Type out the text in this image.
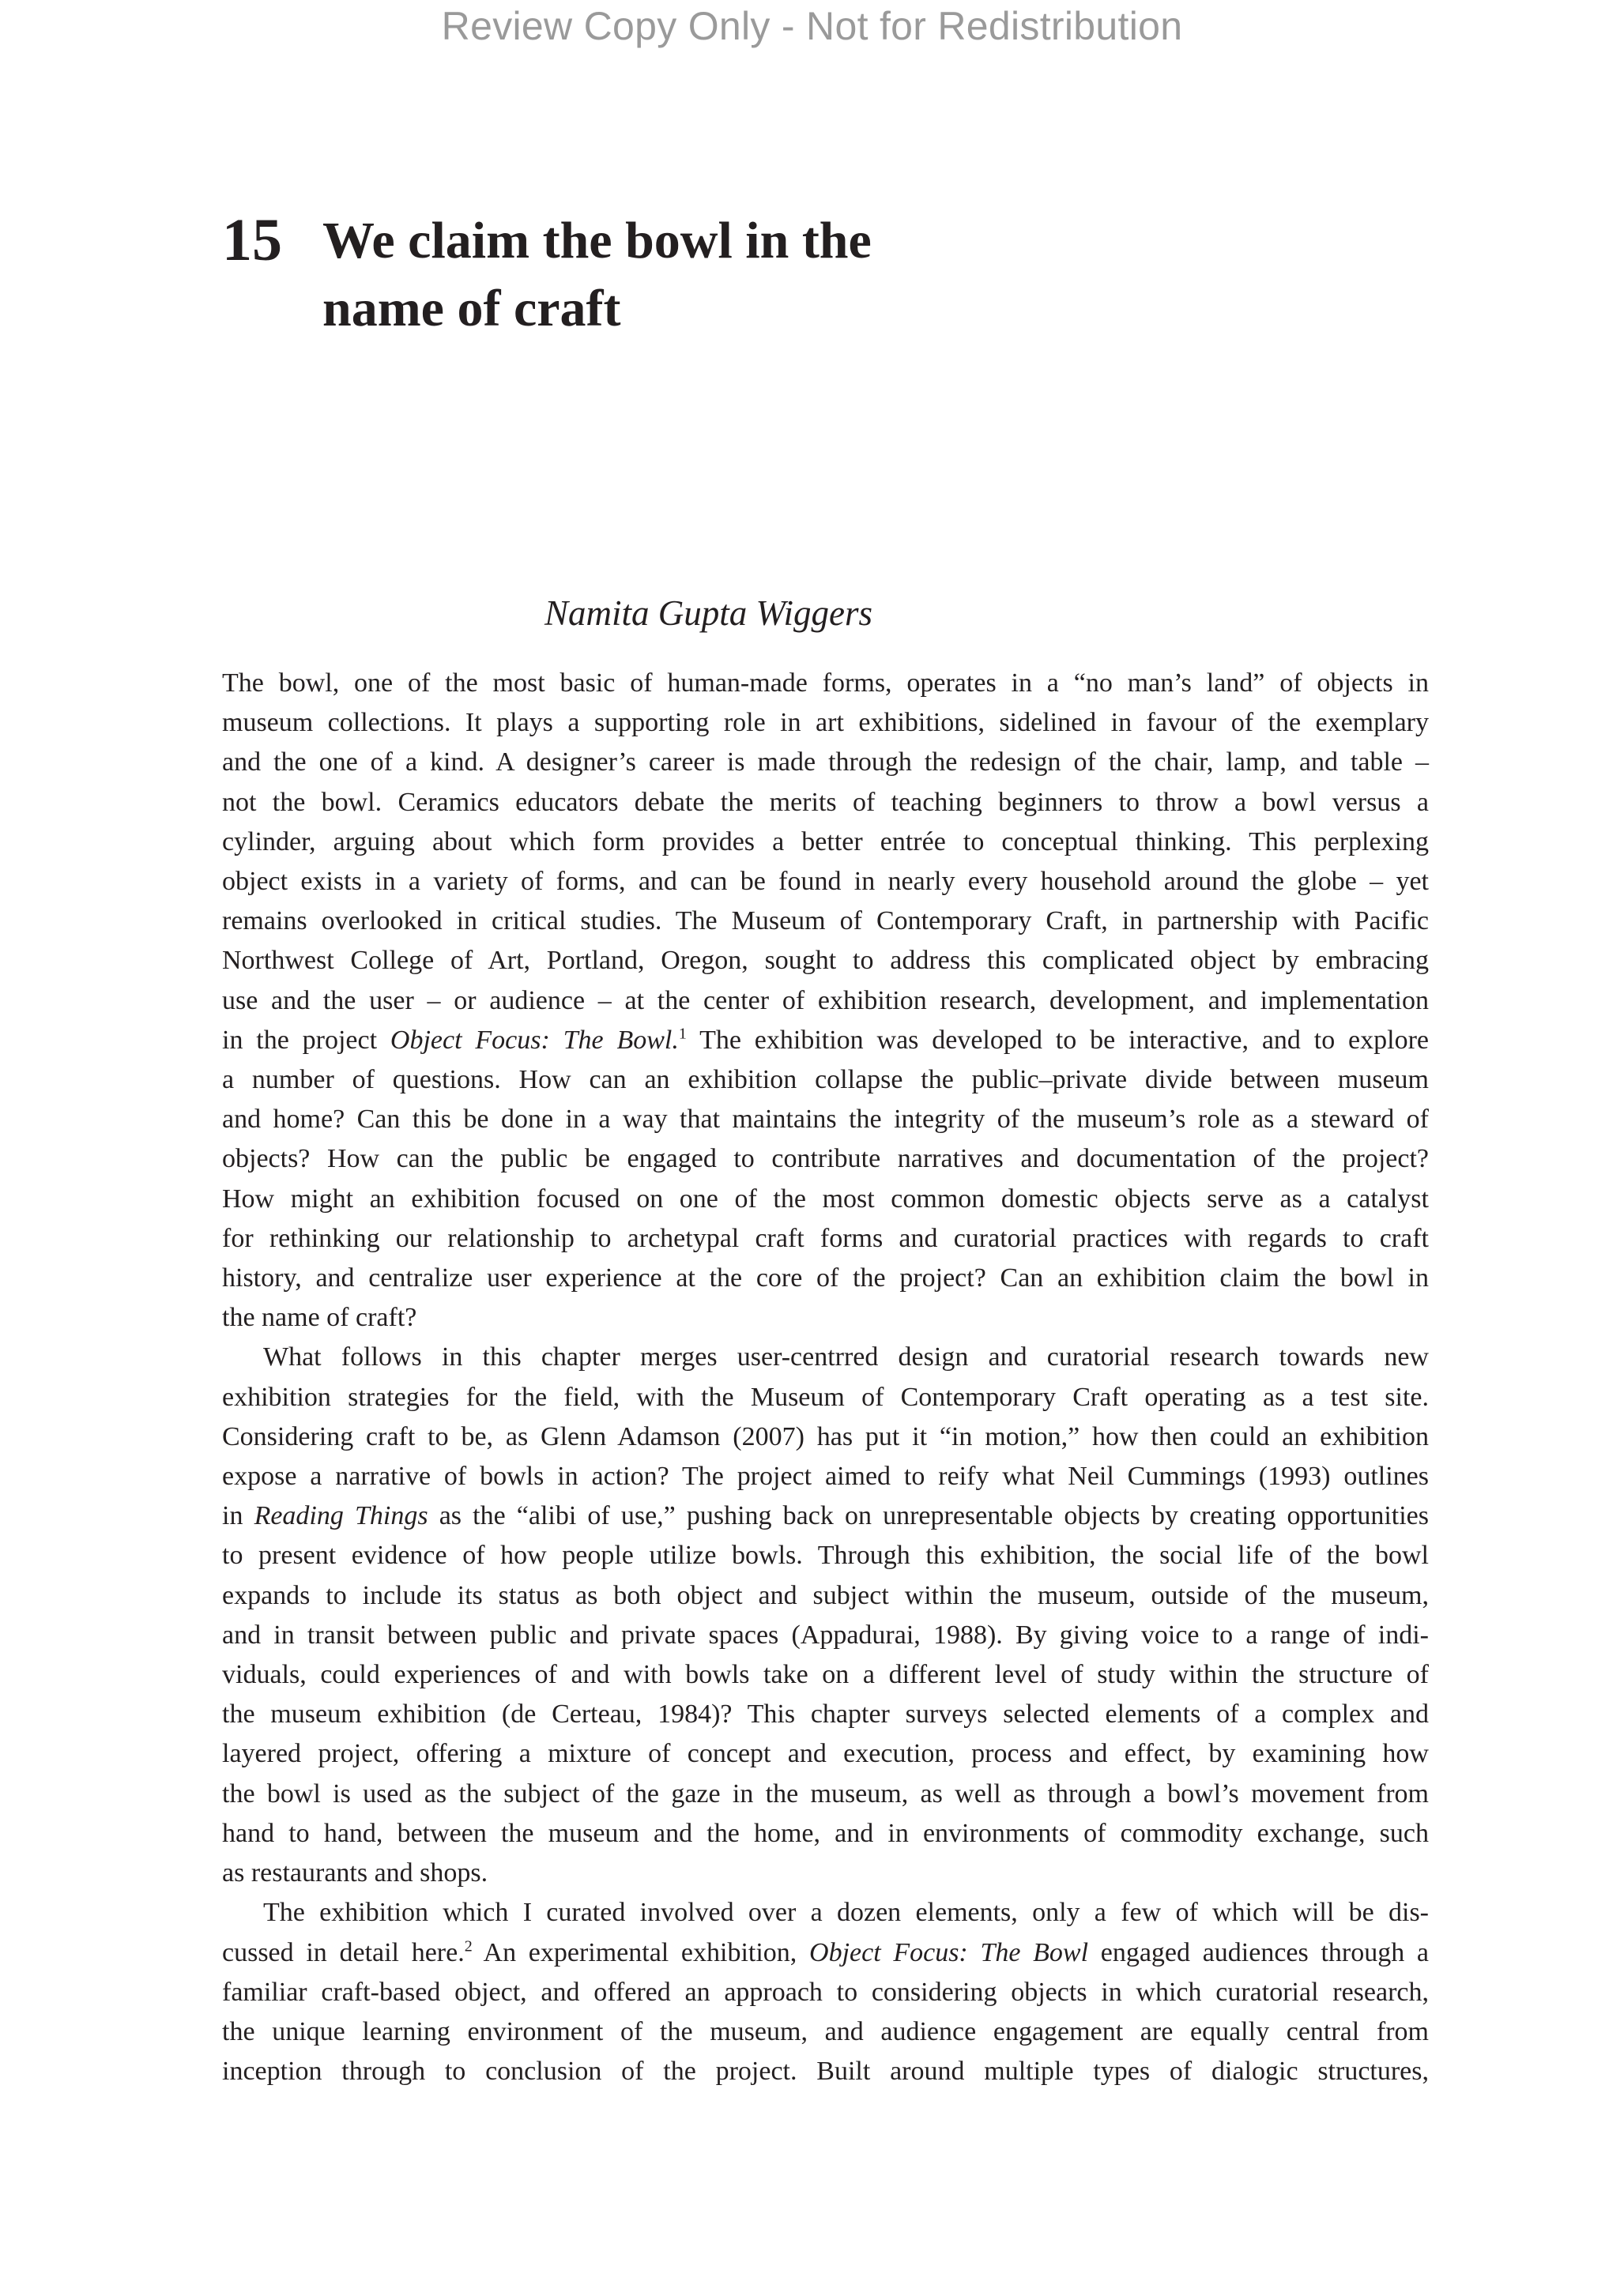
Review Copy Only - Not for Redistribution

15 We claim the bowl in the
name of craft

Namita Gupta Wiggers

The bowl, one of the most basic of human-made forms, operates in a “no man’s land” of objects in
museum collections. It plays a supporting role in art exhibitions, sidelined in favour of the exemplary
and the one of a kind. A designer’s career is made through the redesign of the chair, lamp, and table –
not the bowl. Ceramics educators debate the merits of teaching beginners to throw a bowl versus a
cylinder, arguing about which form provides a better entrée to conceptual thinking. This perplexing
object exists in a variety of forms, and can be found in nearly every household around the globe – yet
remains overlooked in critical studies. The Museum of Contemporary Craft, in partnership with Pacific
Northwest College of Art, Portland, Oregon, sought to address this complicated object by embracing
use and the user – or audience – at the center of exhibition research, development, and implementation
in the project Object Focus: The Bowl.$^1$ The exhibition was developed to be interactive, and to explore
a number of questions. How can an exhibition collapse the public–private divide between museum
and home? Can this be done in a way that maintains the integrity of the museum’s role as a steward of
objects? How can the public be engaged to contribute narratives and documentation of the project?
How might an exhibition focused on one of the most common domestic objects serve as a catalyst
for rethinking our relationship to archetypal craft forms and curatorial practices with regards to craft
history, and centralize user experience at the core of the project? Can an exhibition claim the bowl in
the name of craft?

What follows in this chapter merges user-centrred design and curatorial research towards new
exhibition strategies for the field, with the Museum of Contemporary Craft operating as a test site.
Considering craft to be, as Glenn Adamson (2007) has put it “in motion,” how then could an exhibition
expose a narrative of bowls in action? The project aimed to reify what Neil Cummings (1993) outlines
in Reading Things as the “alibi of use,” pushing back on unrepresentable objects by creating opportunities
to present evidence of how people utilize bowls. Through this exhibition, the social life of the bowl
expands to include its status as both object and subject within the museum, outside of the museum,
and in transit between public and private spaces (Appadurai, 1988). By giving voice to a range of indi-
viduals, could experiences of and with bowls take on a different level of study within the structure of
the museum exhibition (de Certeau, 1984)? This chapter surveys selected elements of a complex and
layered project, offering a mixture of concept and execution, process and effect, by examining how
the bowl is used as the subject of the gaze in the museum, as well as through a bowl’s movement from
hand to hand, between the museum and the home, and in environments of commodity exchange, such
as restaurants and shops.

The exhibition which I curated involved over a dozen elements, only a few of which will be dis-
cussed in detail here.$^2$ An experimental exhibition, Object Focus: The Bowl engaged audiences through a
familiar craft-based object, and offered an approach to considering objects in which curatorial research,
the unique learning environment of the museum, and audience engagement are equally central from
inception through to conclusion of the project. Built around multiple types of dialogic structures,
